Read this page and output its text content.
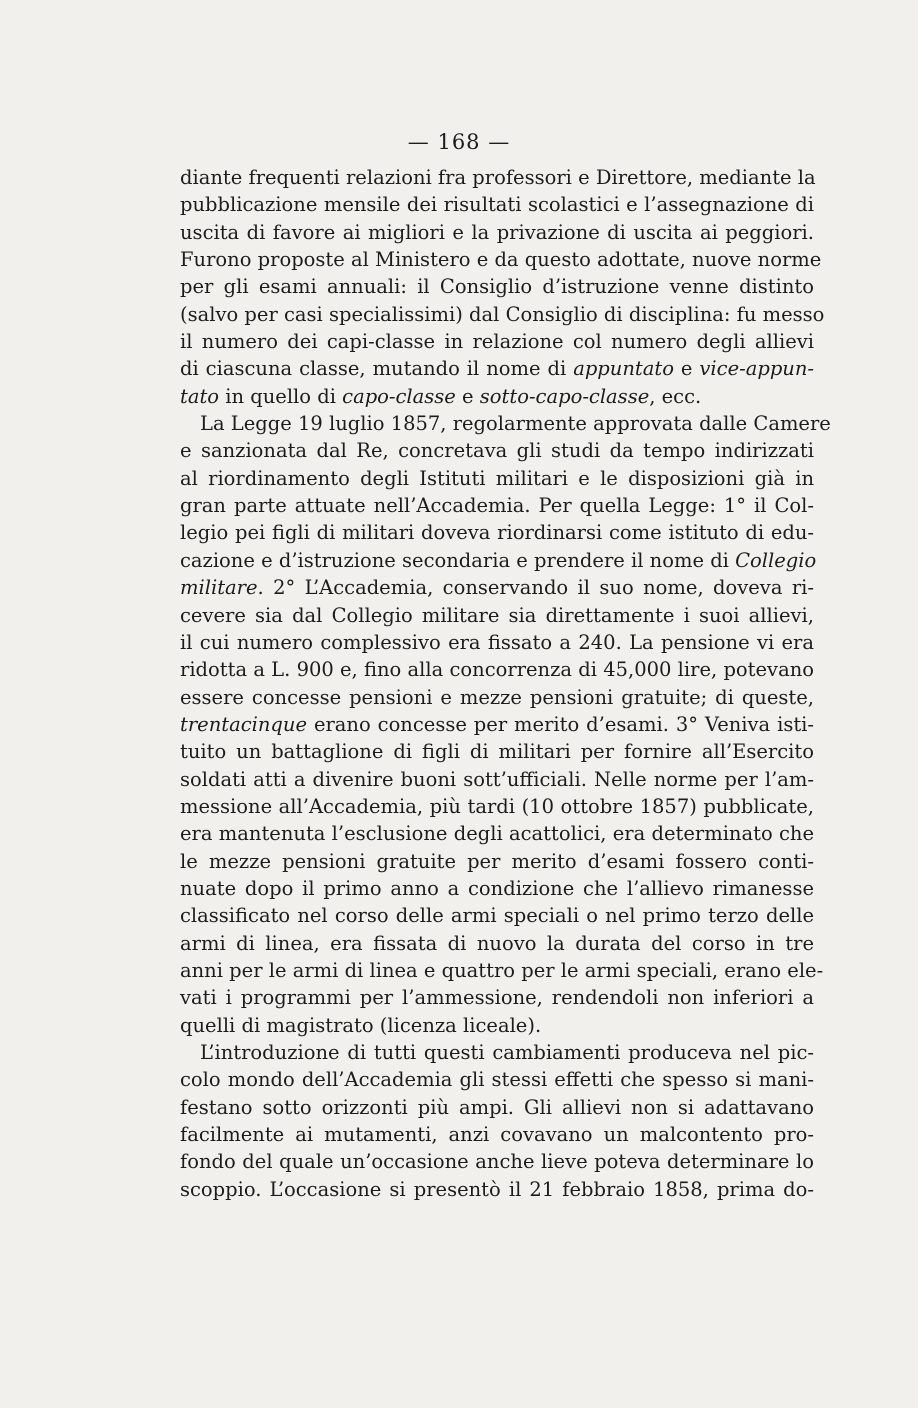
— 168 —
diante frequenti relazioni fra professori e Direttore, mediante la
pubblicazione mensile dei risultati scolastici e l’assegnazione di
uscita di favore ai migliori e la privazione di uscita ai peggiori.
Furono proposte al Ministero e da questo adottate, nuove norme
per gli esami annuali: il Consiglio d’istruzione venne distinto
(salvo per casi specialissimi) dal Consiglio di disciplina: fu messo
il numero dei capi-classe in relazione col numero degli allievi
di ciascuna classe, mutando il nome di appuntato e vice-appun-
tato in quello di capo-classe e sotto-capo-classe, ecc.
La Legge 19 luglio 1857, regolarmente approvata dalle Camere
e sanzionata dal Re, concretava gli studi da tempo indirizzati
al riordinamento degli Istituti militari e le disposizioni già in
gran parte attuate nell’Accademia. Per quella Legge: 1° il Col-
legio pei figli di militari doveva riordinarsi come istituto di edu-
cazione e d’istruzione secondaria e prendere il nome di Collegio
militare. 2° L’Accademia, conservando il suo nome, doveva ri-
cevere sia dal Collegio militare sia direttamente i suoi allievi,
il cui numero complessivo era fissato a 240. La pensione vi era
ridotta a L. 900 e, fino alla concorrenza di 45,000 lire, potevano
essere concesse pensioni e mezze pensioni gratuite; di queste,
trentacinque erano concesse per merito d’esami. 3° Veniva isti-
tuito un battaglione di figli di militari per fornire all’Esercito
soldati atti a divenire buoni sott’ufficiali. Nelle norme per l’am-
messione all’Accademia, più tardi (10 ottobre 1857) pubblicate,
era mantenuta l’esclusione degli acattolici, era determinato che
le mezze pensioni gratuite per merito d’esami fossero conti-
nuate dopo il primo anno a condizione che l’allievo rimanesse
classificato nel corso delle armi speciali o nel primo terzo delle
armi di linea, era fissata di nuovo la durata del corso in tre
anni per le armi di linea e quattro per le armi speciali, erano ele-
vati i programmi per l’ammessione, rendendoli non inferiori a
quelli di magistrato (licenza liceale).
L’introduzione di tutti questi cambiamenti produceva nel pic-
colo mondo dell’Accademia gli stessi effetti che spesso si mani-
festano sotto orizzonti più ampi. Gli allievi non si adattavano
facilmente ai mutamenti, anzi covavano un malcontento pro-
fondo del quale un’occasione anche lieve poteva determinare lo
scoppio. L’occasione si presentò il 21 febbraio 1858, prima do-
